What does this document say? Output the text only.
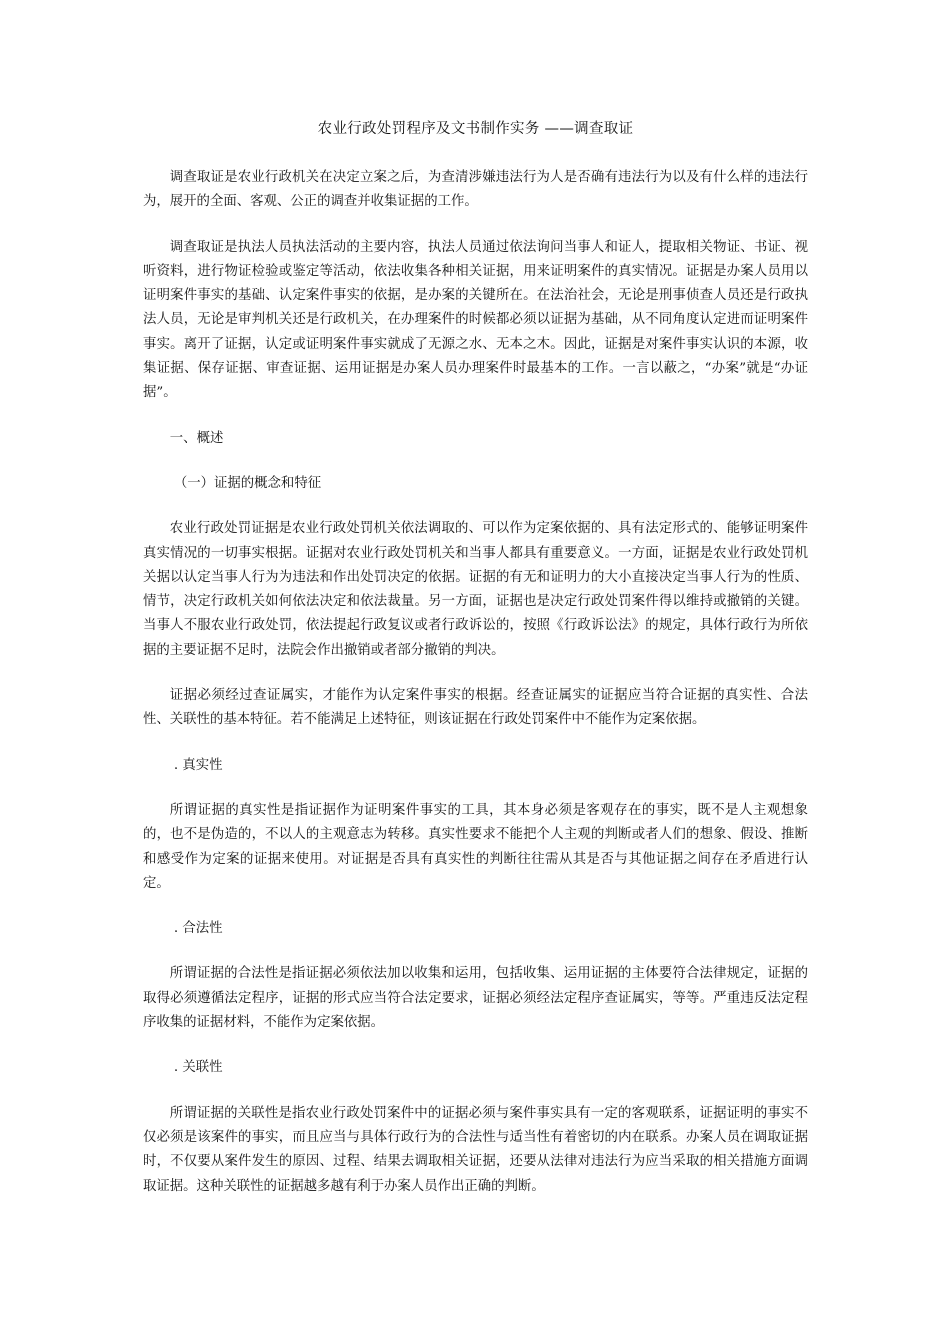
农业行政处罚程序及文书制作实务 ——调查取证

调查取证是农业行政机关在决定立案之后，为查清涉嫌违法行为人是否确有违法行为以及有什么样的违法行为，展开的全面、客观、公正的调查并收集证据的工作。

调查取证是执法人员执法活动的主要内容，执法人员通过依法询问当事人和证人，提取相关物证、书证、视听资料，进行物证检验或鉴定等活动，依法收集各种相关证据，用来证明案件的真实情况。证据是办案人员用以证明案件事实的基础、认定案件事实的依据，是办案的关键所在。在法治社会，无论是刑事侦查人员还是行政执法人员，无论是审判机关还是行政机关，在办理案件的时候都必须以证据为基础，从不同角度认定进而证明案件事实。离开了证据，认定或证明案件事实就成了无源之水、无本之木。因此，证据是对案件事实认识的本源，收集证据、保存证据、审查证据、运用证据是办案人员办理案件时最基本的工作。一言以蔽之，“办案”就是“办证据”。

一、概述

（一）证据的概念和特征

农业行政处罚证据是农业行政处罚机关依法调取的、可以作为定案依据的、具有法定形式的、能够证明案件真实情况的一切事实根据。证据对农业行政处罚机关和当事人都具有重要意义。一方面，证据是农业行政处罚机关据以认定当事人行为为违法和作出处罚决定的依据。证据的有无和证明力的大小直接决定当事人行为的性质、情节，决定行政机关如何依法决定和依法裁量。另一方面，证据也是决定行政处罚案件得以维持或撤销的关键。当事人不服农业行政处罚，依法提起行政复议或者行政诉讼的，按照《行政诉讼法》的规定，具体行政行为所依据的主要证据不足时，法院会作出撤销或者部分撤销的判决。

证据必须经过查证属实，才能作为认定案件事实的根据。经查证属实的证据应当符合证据的真实性、合法性、关联性的基本特征。若不能满足上述特征，则该证据在行政处罚案件中不能作为定案依据。

. 真实性

所谓证据的真实性是指证据作为证明案件事实的工具，其本身必须是客观存在的事实，既不是人主观想象的，也不是伪造的，不以人的主观意志为转移。真实性要求不能把个人主观的判断或者人们的想象、假设、推断和感受作为定案的证据来使用。对证据是否具有真实性的判断往往需从其是否与其他证据之间存在矛盾进行认定。

. 合法性

所谓证据的合法性是指证据必须依法加以收集和运用，包括收集、运用证据的主体要符合法律规定，证据的取得必须遵循法定程序，证据的形式应当符合法定要求，证据必须经法定程序查证属实，等等。严重违反法定程序收集的证据材料，不能作为定案依据。

. 关联性

所谓证据的关联性是指农业行政处罚案件中的证据必须与案件事实具有一定的客观联系，证据证明的事实不仅必须是该案件的事实，而且应当与具体行政行为的合法性与适当性有着密切的内在联系。办案人员在调取证据时，不仅要从案件发生的原因、过程、结果去调取相关证据，还要从法律对违法行为应当采取的相关措施方面调取证据。这种关联性的证据越多越有利于办案人员作出正确的判断。
